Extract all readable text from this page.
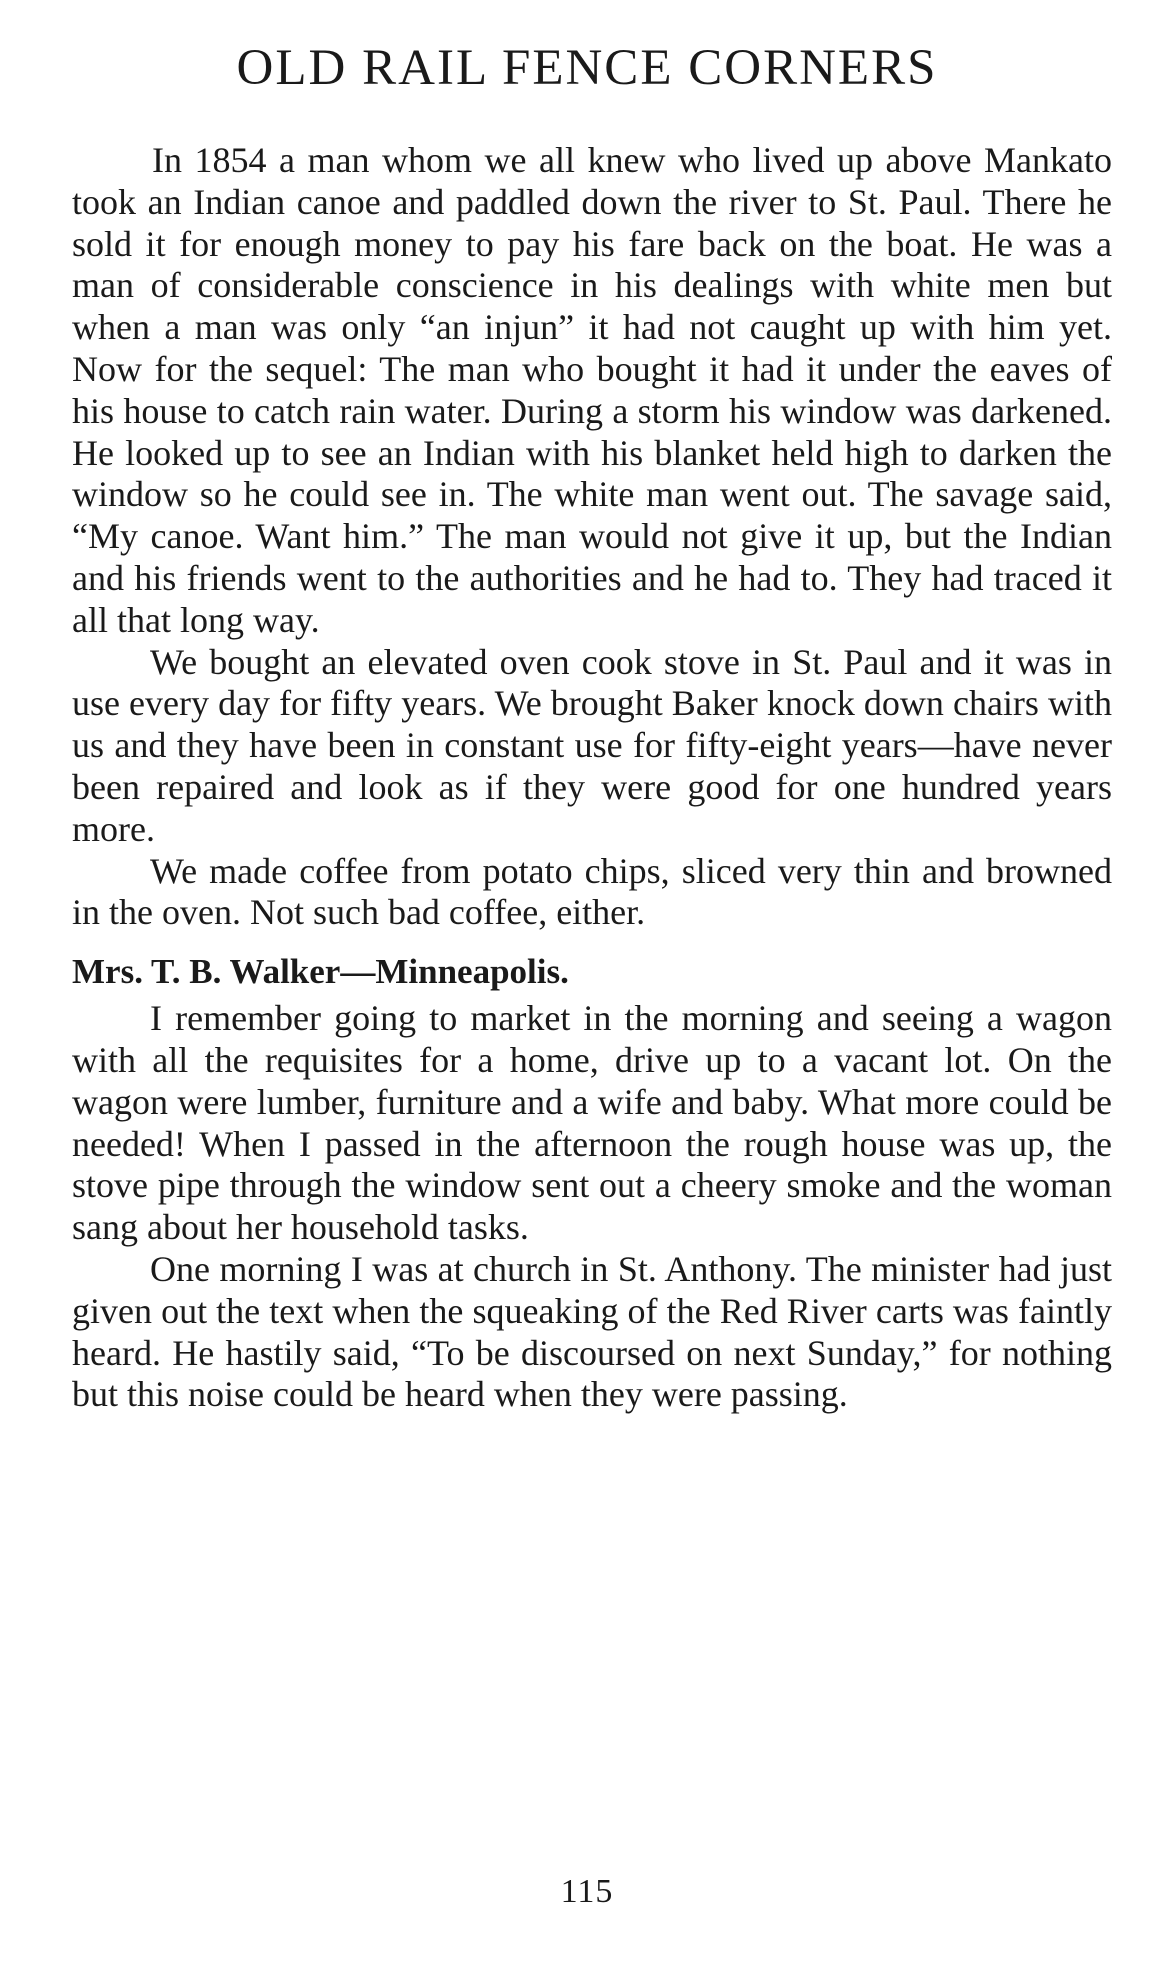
OLD RAIL FENCE CORNERS

In 1854 a man whom we all knew who lived up above Mankato took an Indian canoe and paddled down the river to St. Paul. There he sold it for enough money to pay his fare back on the boat. He was a man of considerable conscience in his dealings with white men but when a man was only “an injun” it had not caught up with him yet. Now for the sequel: The man who bought it had it under the eaves of his house to catch rain water. During a storm his window was darkened. He looked up to see an Indian with his blanket held high to darken the window so he could see in. The white man went out. The savage said, “My canoe. Want him.” The man would not give it up, but the Indian and his friends went to the authorities and he had to. They had traced it all that long way.

We bought an elevated oven cook stove in St. Paul and it was in use every day for fifty years. We brought Baker knock down chairs with us and they have been in constant use for fifty-eight years—have never been repaired and look as if they were good for one hundred years more.

We made coffee from potato chips, sliced very thin and browned in the oven. Not such bad coffee, either.

Mrs. T. B. Walker—Minneapolis.

I remember going to market in the morning and seeing a wagon with all the requisites for a home, drive up to a vacant lot. On the wagon were lumber, furniture and a wife and baby. What more could be needed! When I passed in the afternoon the rough house was up, the stove pipe through the window sent out a cheery smoke and the woman sang about her household tasks.

One morning I was at church in St. Anthony. The minister had just given out the text when the squeaking of the Red River carts was faintly heard. He hastily said, “To be discoursed on next Sunday,” for nothing but this noise could be heard when they were passing.

115
